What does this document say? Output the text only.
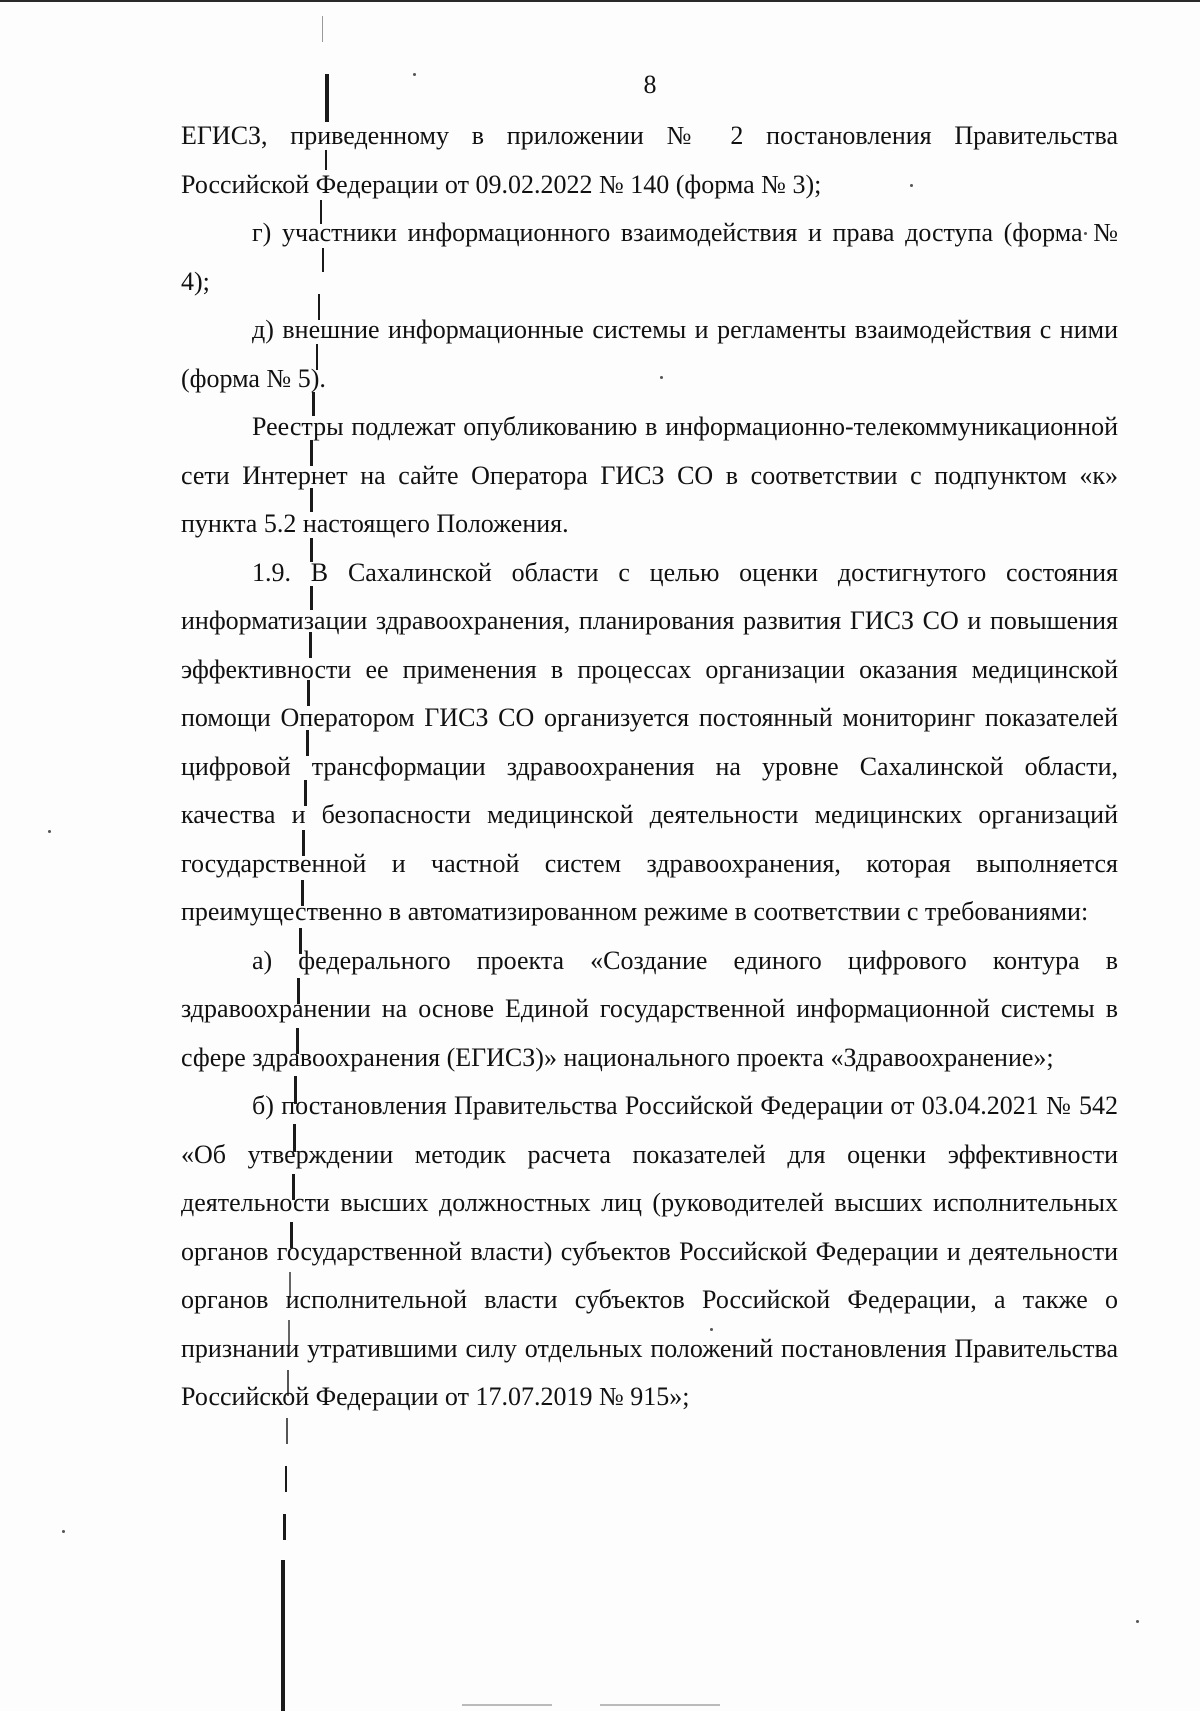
8

ЕГИСЗ, приведенному в приложении № 2 постановления Правительства Российской Федерации от 09.02.2022 № 140 (форма № 3);

г) участники информационного взаимодействия и права доступа (форма № 4);

д) внешние информационные системы и регламенты взаимодействия с ними (форма № 5).

Реестры подлежат опубликованию в информационно-телекоммуникационной сети Интернет на сайте Оператора ГИСЗ СО в соответствии с подпунктом «к» пункта 5.2 настоящего Положения.

1.9. В Сахалинской области с целью оценки достигнутого состояния информатизации здравоохранения, планирования развития ГИСЗ СО и повышения эффективности ее применения в процессах организации оказания медицинской помощи Оператором ГИСЗ СО организуется постоянный мониторинг показателей цифровой трансформации здравоохранения на уровне Сахалинской области, качества и безопасности медицинской деятельности медицинских организаций государственной и частной систем здравоохранения, которая выполняется преимущественно в автоматизированном режиме в соответствии с требованиями:

а) федерального проекта «Создание единого цифрового контура в здравоохранении на основе Единой государственной информационной системы в сфере здравоохранения (ЕГИСЗ)» национального проекта «Здравоохранение»;

б) постановления Правительства Российской Федерации от 03.04.2021 № 542 «Об утверждении методик расчета показателей для оценки эффективности деятельности высших должностных лиц (руководителей высших исполнительных органов государственной власти) субъектов Российской Федерации и деятельности органов исполнительной власти субъектов Российской Федерации, а также о признании утратившими силу отдельных положений постановления Правительства Российской Федерации от 17.07.2019 № 915»;
